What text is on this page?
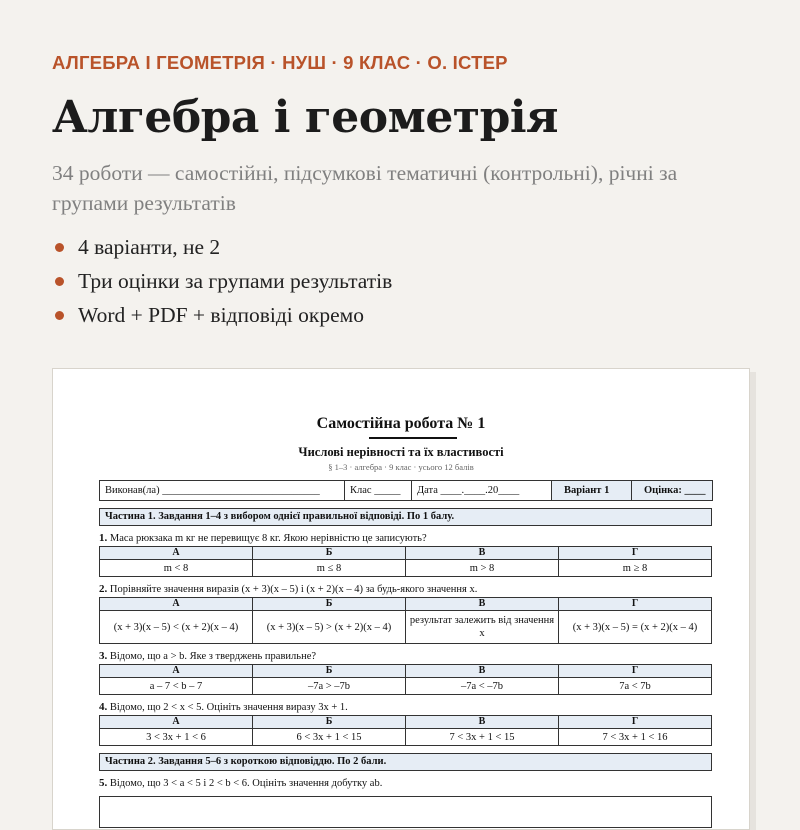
АЛГЕБРА І ГЕОМЕТРІЯ · НУШ · 9 КЛАС · О. ІСТЕР
Алгебра і геометрія
34 роботи — самостійні, підсумкові тематичні (контрольні), річні за групами результатів
4 варіанти, не 2
Три оцінки за групами результатів
Word + PDF + відповіді окремо
Самостійна робота № 1
Числові нерівності та їх властивості
§ 1–3 · алгебра · 9 клас · усього 12 балів
Виконав(ла) ______________________________	Клас _____	Дата ____.____.20____	Варіант 1	Оцінка: ____
Частина 1. Завдання 1–4 з вибором однієї правильної відповіді. По 1 балу.
1. Маса рюкзака m кг не перевищує 8 кг. Якою нерівністю це записують?
А	Б	В	Г
m < 8	m ≤ 8	m > 8	m ≥ 8
2. Порівняйте значення виразів (x + 3)(x – 5) і (x + 2)(x – 4) за будь-якого значення x.
А	Б	В	Г
(x + 3)(x – 5) < (x + 2)(x – 4)	(x + 3)(x – 5) > (x + 2)(x – 4)	результат залежить від значення x	(x + 3)(x – 5) = (x + 2)(x – 4)
3. Відомо, що a > b. Яке з тверджень правильне?
А	Б	В	Г
a – 7 < b – 7	–7a > –7b	–7a < –7b	7a < 7b
4. Відомо, що 2 < x < 5. Оцініть значення виразу 3x + 1.
А	Б	В	Г
3 < 3x + 1 < 6	6 < 3x + 1 < 15	7 < 3x + 1 < 15	7 < 3x + 1 < 16
Частина 2. Завдання 5–6 з короткою відповіддю. По 2 бали.
5. Відомо, що 3 < a < 5 і 2 < b < 6. Оцініть значення добутку ab.
